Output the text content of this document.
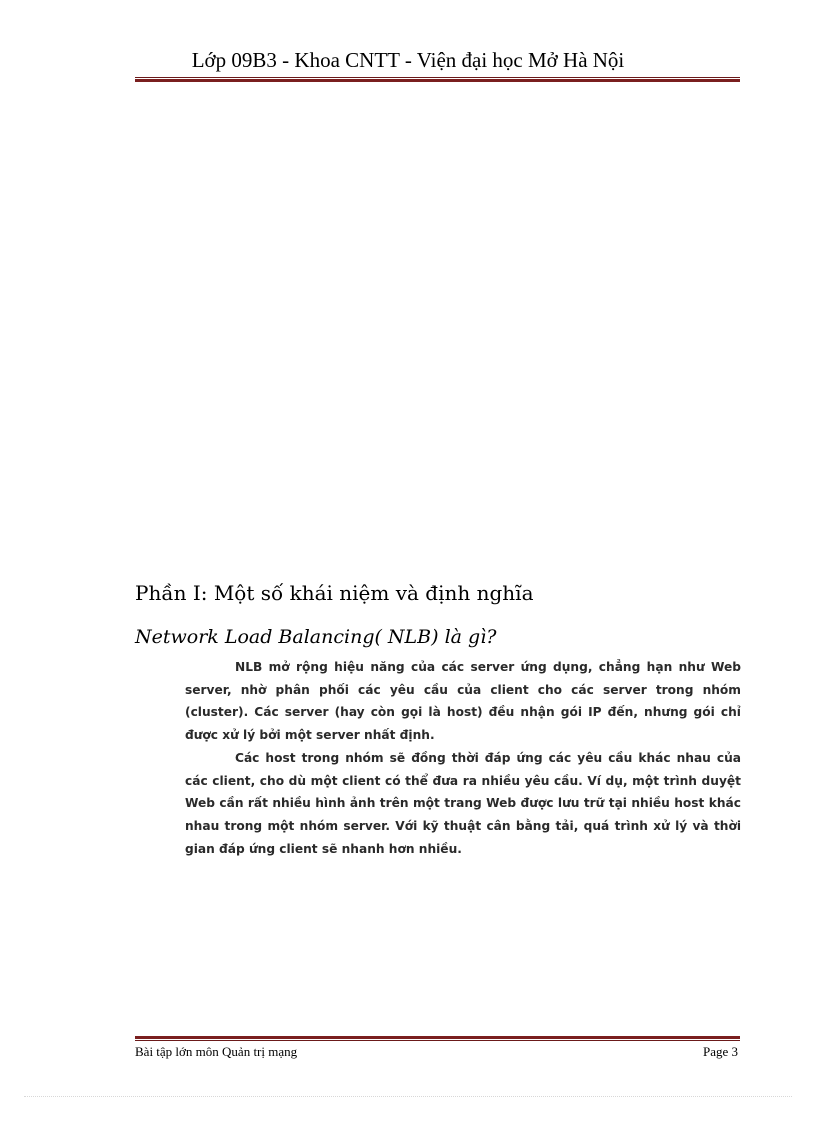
Lớp 09B3 - Khoa CNTT - Viện đại học Mở Hà Nội
Phần I: Một số khái niệm và định nghĩa
Network Load Balancing( NLB) là gì?

NLB mở rộng hiệu năng của các server ứng dụng, chẳng hạn như Web server, nhờ phân phối các yêu cầu của client cho các server trong nhóm (cluster). Các server (hay còn gọi là host) đều nhận gói IP đến, nhưng gói chỉ được xử lý bởi một server nhất định.

Các host trong nhóm sẽ đồng thời đáp ứng các yêu cầu khác nhau của các client, cho dù một client có thể đưa ra nhiều yêu cầu. Ví dụ, một trình duyệt Web cần rất nhiều hình ảnh trên một trang Web được lưu trữ tại nhiều host khác nhau trong một nhóm server. Với kỹ thuật cân bằng tải, quá trình xử lý và thời gian đáp ứng client sẽ nhanh hơn nhiều.

Bài tập lớn môn Quản trị mạng	Page 3
